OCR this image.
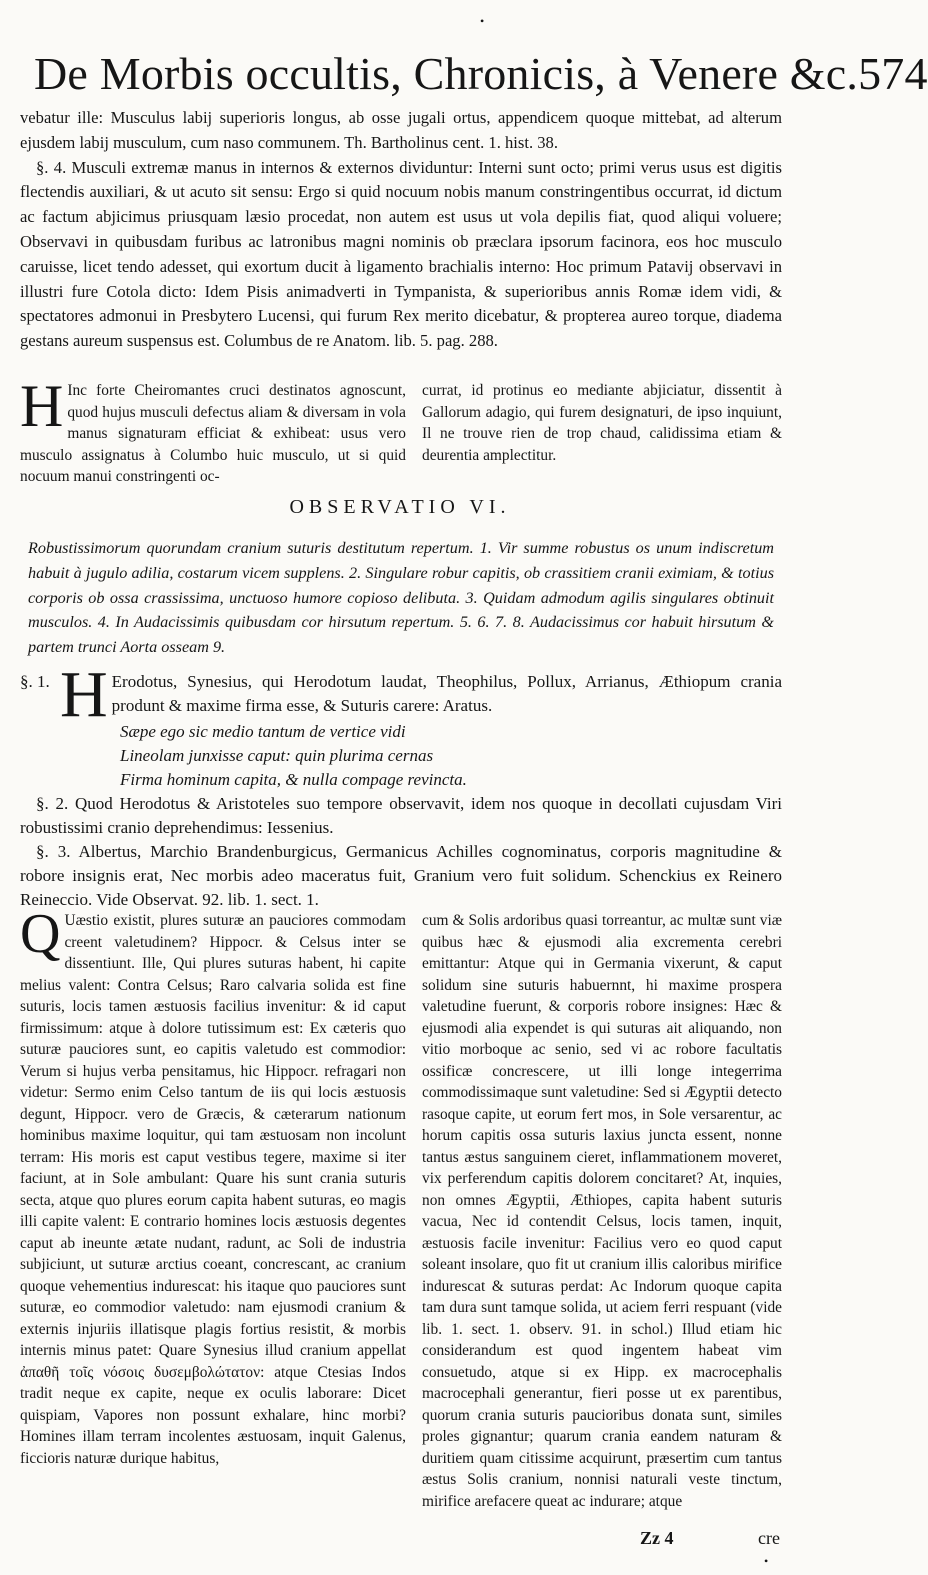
•
De Morbis occultis, Chronicis, à Venere &c. 574

vebatur ille: Musculus labij superioris longus, ab osse jugali ortus, appendicem quoque mittebat, ad alterum ejusdem labij musculum, cum naso communem. Th. Bartholinus cent. 1. hist. 38.

§. 4. Musculi extremæ manus in internos & externos dividuntur: Interni sunt octo; primi verus usus est digitis flectendis auxiliari, & ut acuto sit sensu: Ergo si quid nocuum nobis manum constringentibus occurrat, id dictum ac factum abjicimus priusquam læsio procedat, non autem est usus ut vola depilis fiat, quod aliqui voluere; Observavi in quibusdam furibus ac latronibus magni nominis ob præclara ipsorum facinora, eos hoc musculo caruisse, licet tendo adesset, qui exortum ducit à ligamento brachialis interno: Hoc primum Patavij observavi in illustri fure Cotola dicto: Idem Pisis animadverti in Tympanista, & superioribus annis Romæ idem vidi, & spectatores admonui in Presbytero Lucensi, qui furum Rex merito dicebatur, & propterea aureo torque, diadema gestans aureum suspensus est. Columbus de re Anatom. lib. 5. pag. 288.

H Inc forte Cheiromantes cruci destinatos agnoscunt, quod hujus musculi defectus aliam & diversam in vola manus signaturam efficiat & exhibeat: usus vero musculo assignatus à Columbo huic musculo, ut si quid nocuum manui constringenti oc-
currat, id protinus eo mediante abjiciatur, dissentit à Gallorum adagio, qui furem designaturi, de ipso inquiunt, Il ne trouve rien de trop chaud, calidissima etiam & deurentia amplectitur.
OBSERVATIO VI.
Robustissimorum quorundam cranium suturis destitutum repertum. 1. Vir summe robustus os unum indiscretum habuit à jugulo adilia, costarum vicem supplens. 2. Singulare robur capitis, ob crassitiem cranii eximiam, & totius corporis ob ossa crassissima, unctuoso humore copioso delibuta. 3. Quidam admodum agilis singulares obtinuit musculos. 4. In Audacissimis quibusdam cor hirsutum repertum. 5. 6. 7. 8. Audacissimus cor habuit hirsutum & partem trunci Aorta osseam 9.
§. 1. H Erodotus, Synesius, qui Herodotum laudat, Theophilus, Pollux, Arrianus, Æthiopum crania produnt & maxime firma esse, & Suturis carere: Aratus.

Sæpe ego sic medio tantum de vertice vidi
Lineolam junxisse caput: quin plurima cernas
Firma hominum capita, & nulla compage revincta.

§. 2. Quod Herodotus & Aristoteles suo tempore observavit, idem nos quoque in decollati cujusdam Viri robustissimi cranio deprehendimus: Iessenius.

§. 3. Albertus, Marchio Brandenburgicus, Germanicus Achilles cognominatus, corporis magnitudine & robore insignis erat, Nec morbis adeo maceratus fuit, Granium vero fuit solidum. Schenckius ex Reinero Reineccio. Vide Observat. 92. lib. 1. sect. 1.

Q Uæstio existit, plures suturæ an pauciores commodam creent valetudinem? Hippocr. & Celsus inter se dissentiunt. Ille, Qui plures suturas habent, hi capite melius valent: Contra Celsus; Raro calvaria solida est fine suturis, locis tamen æstuosis facilius invenitur: & id caput firmissimum: atque à dolore tutissimum est: Ex cæteris quo suturæ pauciores sunt, eo capitis valetudo est commodior: Verum si hujus verba pensitamus, hic Hippocr. refragari non videtur: Sermo enim Celso tantum de iis qui locis æstuosis degunt, Hippocr. vero de Græcis, & cæterarum nationum hominibus maxime loquitur, qui tam æstuosam non incolunt terram: His moris est caput vestibus tegere, maxime si iter faciunt, at in Sole ambulant: Quare his sunt crania suturis secta, atque quo plures eorum capita habent suturas, eo magis illi capite valent: E contrario homines locis æstuosis degentes caput ab ineunte ætate nudant, radunt, ac Soli de industria subjiciunt, ut suturæ arctius coeant, concrescant, ac cranium quoque vehementius indurescat: his itaque quo pauciores sunt suturæ, eo commodior valetudo: nam ejusmodi cranium & externis injuriis illatisque plagis fortius resistit, & morbis internis minus patet: Quare Synesius illud cranium appellat ἀπαθῆ τοῖς νόσοις δυσεμβολώτατον: atque Ctesias Indos tradit neque ex capite, neque ex oculis laborare: Dicet quispiam, Vapores non possunt exhalare, hinc morbi? Homines illam terram incolentes æstuosam, inquit Galenus, ficcioris naturæ durique habitus,
cum & Solis ardoribus quasi torreantur, ac multæ sunt viæ quibus hæc & ejusmodi alia excrementa cerebri emittantur: Atque qui in Germania vixerunt, & caput solidum sine suturis habuernnt, hi maxime prospera valetudine fuerunt, & corporis robore insignes: Hæc & ejusmodi alia expendet is qui suturas ait aliquando, non vitio morboque ac senio, sed vi ac robore facultatis ossificæ concrescere, ut illi longe integerrima commodissimaque sunt valetudine: Sed si Ægyptii detecto rasoque capite, ut eorum fert mos, in Sole versarentur, ac horum capitis ossa suturis laxius juncta essent, nonne tantus æstus sanguinem cieret, inflammationem moveret, vix perferendum capitis dolorem concitaret? At, inquies, non omnes Ægyptii, Æthiopes, capita habent suturis vacua, Nec id contendit Celsus, locis tamen, inquit, æstuosis facile invenitur: Facilius vero eo quod caput soleant insolare, quo fit ut cranium illis caloribus mirifice indurescat & suturas perdat: Ac Indorum quoque capita tam dura sunt tamque solida, ut aciem ferri respuant (vide lib. 1. sect. 1. observ. 91. in schol.) Illud etiam hic considerandum est quod ingentem habeat vim consuetudo, atque si ex Hipp. ex macrocephalis macrocephali generantur, fieri posse ut ex parentibus, quorum crania suturis paucioribus donata sunt, similes proles gignantur; quarum crania eandem naturam & duritiem quam citissime acquirunt, præsertim cum tantus æstus Solis cranium, nonnisi naturali veste tinctum, mirifice arefacere queat ac indurare; atque
Zz 4	cre
•
